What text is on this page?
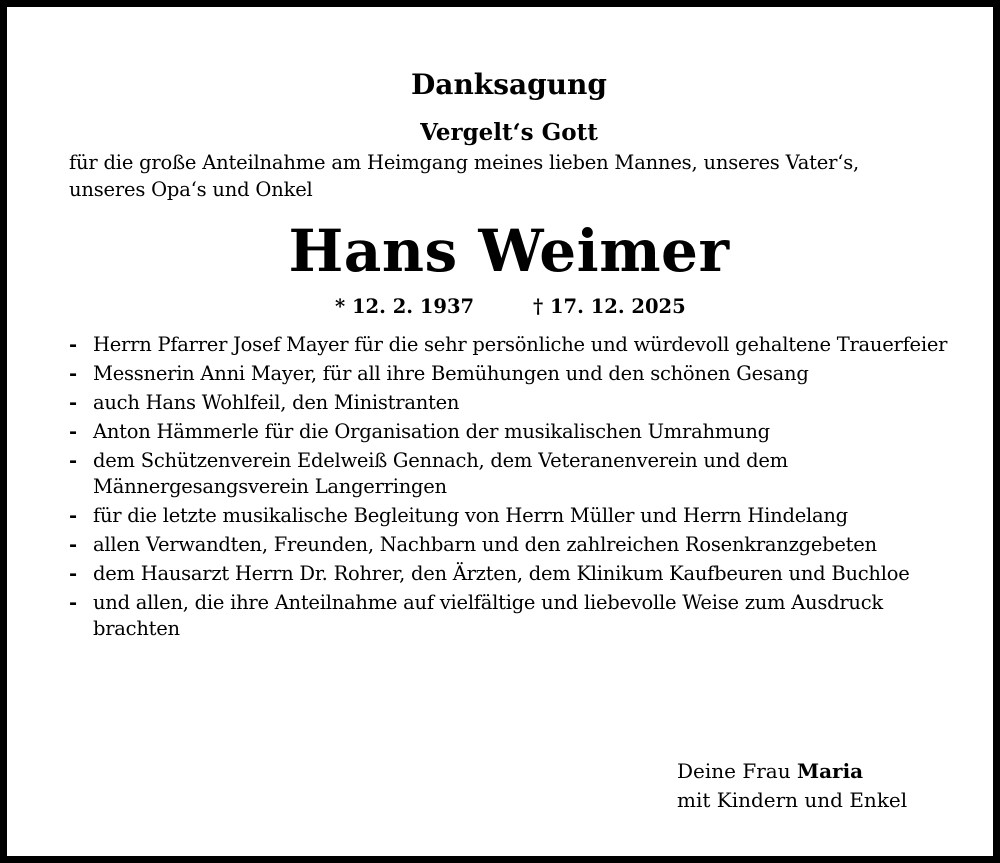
Danksagung
Vergelt‘s Gott

für die große Anteilnahme am Heimgang meines lieben Mannes, unseres Vater‘s,
unseres Opa‘s und Onkel

Hans Weimer
* 12. 2. 1937	† 17. 12. 2025
- Herrn Pfarrer Josef Mayer für die sehr persönliche und würdevoll gehaltene Trauerfeier
- Messnerin Anni Mayer, für all ihre Bemühungen und den schönen Gesang
- auch Hans Wohlfeil, den Ministranten
- Anton Hämmerle für die Organisation der musikalischen Umrahmung
- dem Schützenverein Edelweiß Gennach, dem Veteranenverein und dem Männergesangsverein Langerringen
- für die letzte musikalische Begleitung von Herrn Müller und Herrn Hindelang
- allen Verwandten, Freunden, Nachbarn und den zahlreichen Rosenkranzgebeten
- dem Hausarzt Herrn Dr. Rohrer, den Ärzten, dem Klinikum Kaufbeuren und Buchloe
- und allen, die ihre Anteilnahme auf vielfältige und liebevolle Weise zum Ausdruck brachten
Deine Frau Maria
mit Kindern und Enkel
